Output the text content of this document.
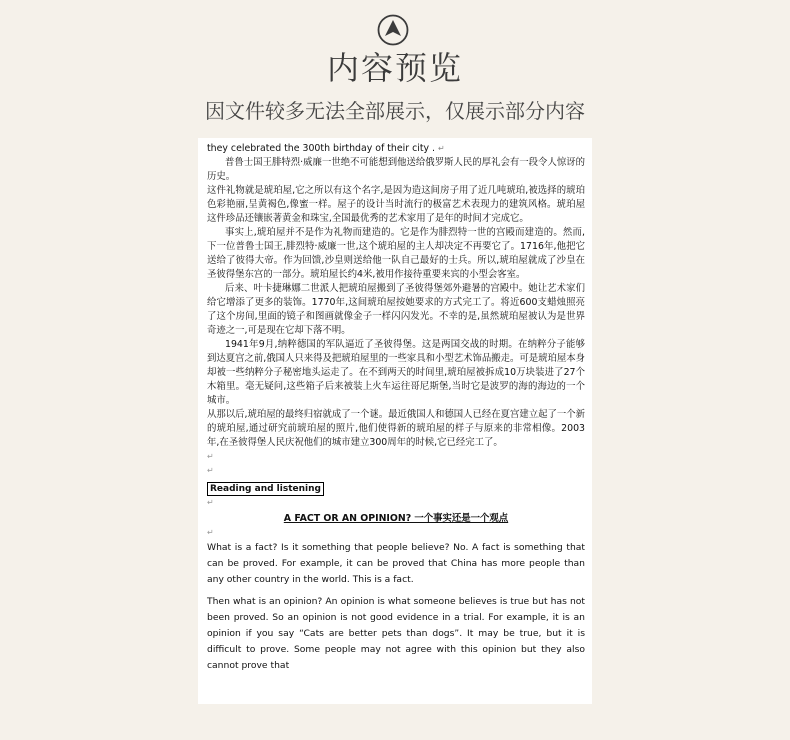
内容预览
因文件较多无法全部展示，仅展示部分内容

they celebrated the 300th birthday of their city . ↵

普鲁士国王腓特烈·威廉一世绝不可能想到他送给俄罗斯人民的厚礼会有一段令人惊讶的历史。

这件礼物就是琥珀屋,它之所以有这个名字,是因为造这间房子用了近几吨琥珀,被选择的琥珀色彩艳丽,呈黄褐色,像蜜一样。屋子的设计当时流行的极富艺术表现力的建筑风格。琥珀屋这件珍品还镶嵌著黄金和珠宝,全国最优秀的艺术家用了是年的时间才完成它。

事实上,琥珀屋并不是作为礼物而建造的。它是作为腓烈特一世的宫殿而建造的。然而,下一位普鲁士国王,腓烈特·威廉一世,这个琥珀屋的主人却决定不再要它了。1716年,他把它送给了彼得大帝。作为回馈,沙皇则送给他一队自己最好的士兵。所以,琥珀屋就成了沙皇在圣彼得堡东宫的一部分。琥珀屋长约4米,被用作接待重要来宾的小型会客室。

后来、叶卡捷琳娜二世派人把琥珀屋搬到了圣彼得堡郊外避暑的宫殿中。她让艺术家们给它增添了更多的装饰。1770年,这间琥珀屋按她要求的方式完工了。将近600支蜡烛照亮了这个房间,里面的镜子和图画就像金子一样闪闪发光。不幸的是,虽然琥珀屋被认为是世界奇迹之一,可是现在它却下落不明。

1941年9月,纳粹德国的军队逼近了圣彼得堡。这是两国交战的时期。在纳粹分子能够到达夏宫之前,俄国人只来得及把琥珀屋里的一些家具和小型艺术饰品搬走。可是琥珀屋本身却被一些纳粹分子秘密地头运走了。在不到两天的时间里,琥珀屋被拆成10万块装进了27个木箱里。毫无疑问,这些箱子后来被装上火车运往哥尼斯堡,当时它是波罗的海的海边的一个城市。

从那以后,琥珀屋的最终归宿就成了一个谜。最近俄国人和德国人已经在夏宫建立起了一个新的琥珀屋,通过研究前琥珀屋的照片,他们使得新的琥珀屋的样子与原来的非常相像。2003年,在圣彼得堡人民庆祝他们的城市建立300周年的时候,它已经完工了。

↵
↵
Reading and listening
↵

A FACT OR AN OPINION? 一个事实还是一个观点

↵

What is a fact? Is it something that people believe? No. A fact is something that can be proved. For example, it can be proved that China has more people than any other country in the world. This is a fact.

Then what is an opinion? An opinion is what someone believes is true but has not been proved. So an opinion is not good evidence in a trial. For example, it is an opinion if you say “Cats are better pets than dogs”. It may be true, but it is difficult to prove. Some people may not agree with this opinion but they also cannot prove that
